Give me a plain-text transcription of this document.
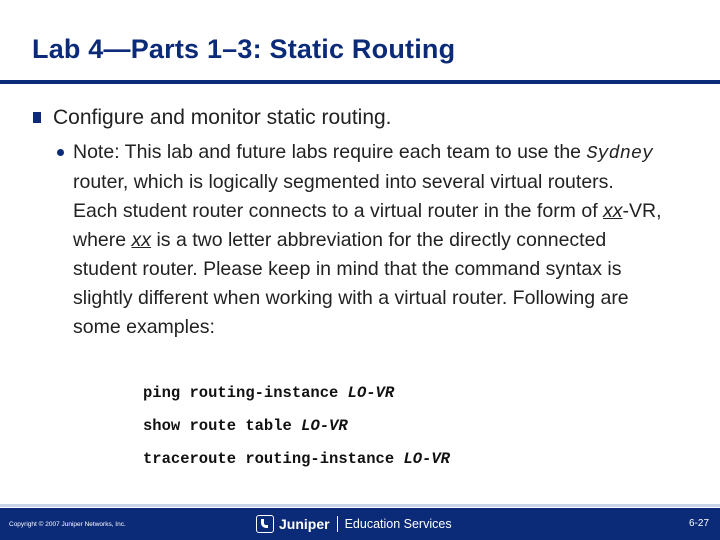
Lab 4—Parts 1–3: Static Routing
Configure and monitor static routing.
Note: This lab and future labs require each team to use the Sydney router, which is logically segmented into several virtual routers. Each student router connects to a virtual router in the form of xx-VR, where xx is a two letter abbreviation for the directly connected student router. Please keep in mind that the command syntax is slightly different when working with a virtual router. Following are some examples:
ping routing-instance LO-VR
show route table LO-VR
traceroute routing-instance LO-VR
Copyright © 2007 Juniper Networks, Inc.	Juniper Education Services	6-27
